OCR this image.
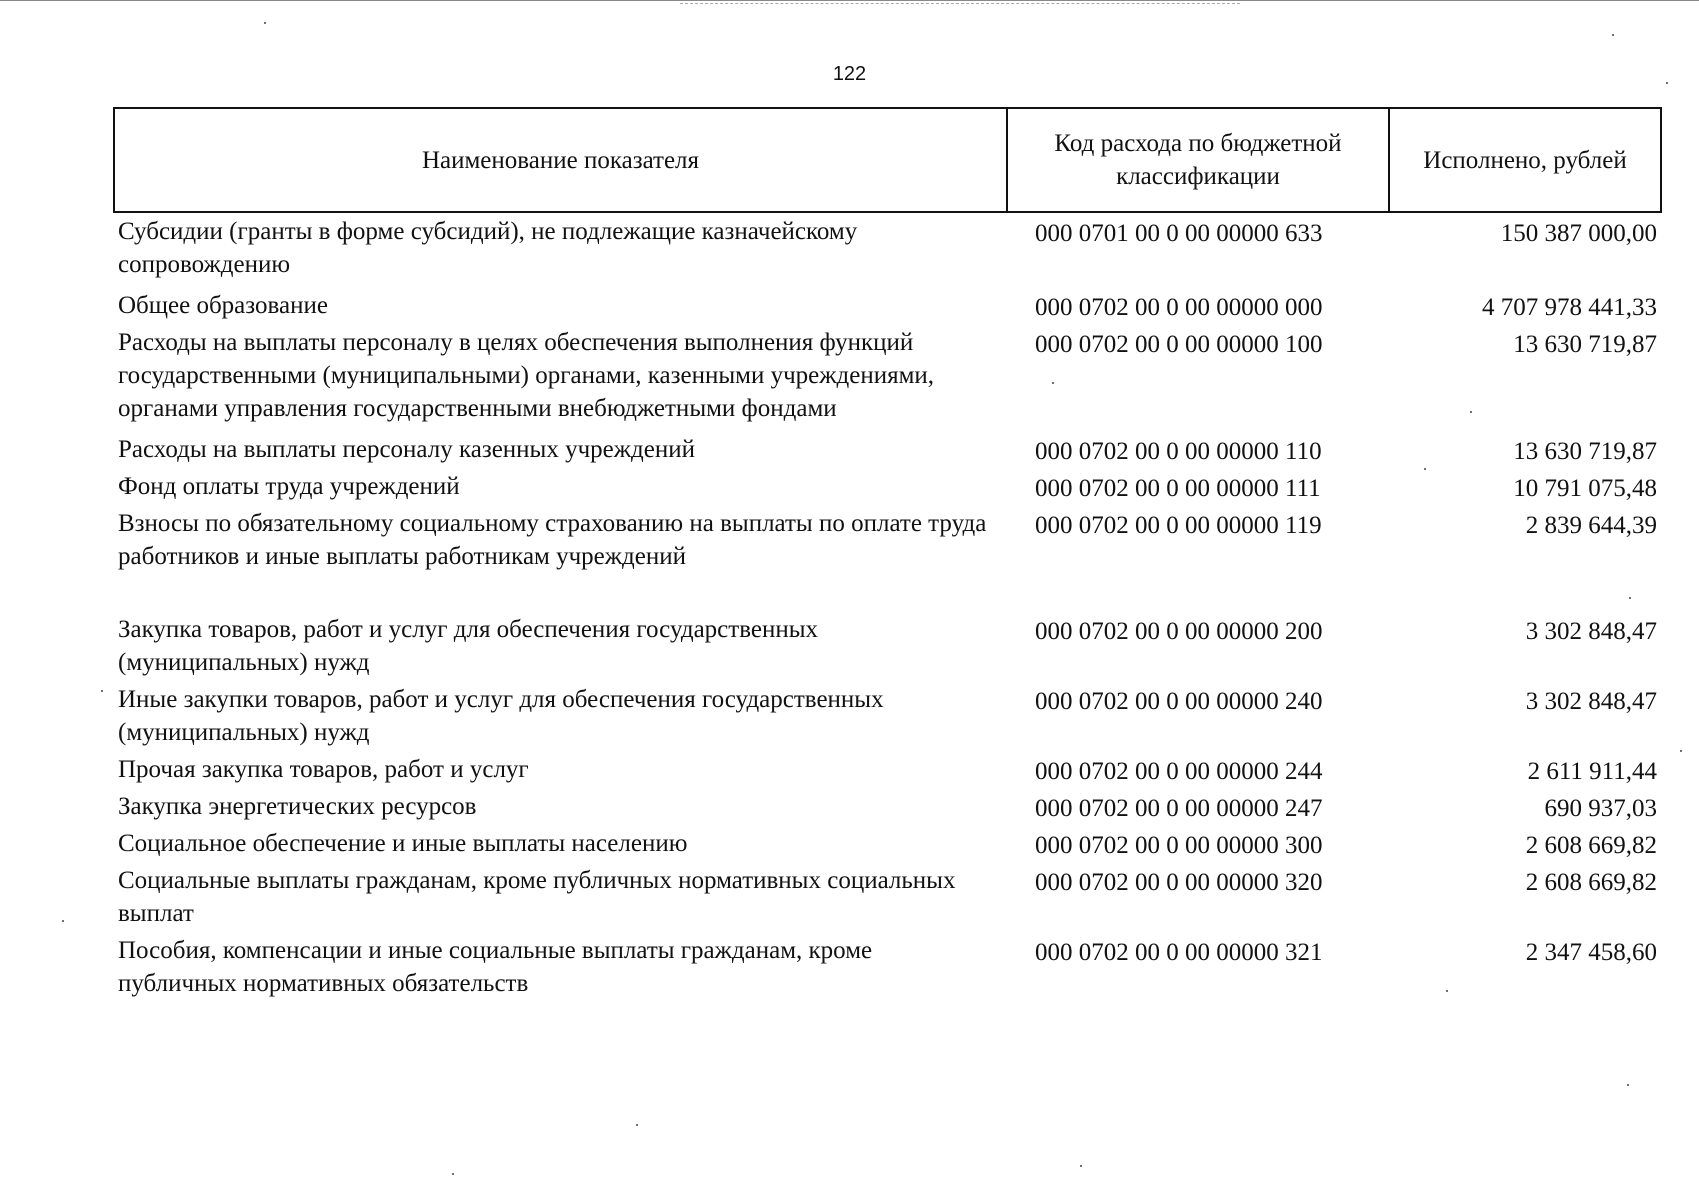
122
Наименование показателя	Код расхода по бюджетной классификации	Исполнено, рублей
Субсидии (гранты в форме субсидий), не подлежащие казначейскому сопровождению	000 0701 00 0 00 00000 633	150 387 000,00
Общее образование	000 0702 00 0 00 00000 000	4 707 978 441,33
Расходы на выплаты персоналу в целях обеспечения выполнения функций государственными (муниципальными) органами, казенными учреждениями, органами управления государственными внебюджетными фондами	000 0702 00 0 00 00000 100	13 630 719,87
Расходы на выплаты персоналу казенных учреждений	000 0702 00 0 00 00000 110	13 630 719,87
Фонд оплаты труда учреждений	000 0702 00 0 00 00000 111	10 791 075,48
Взносы по обязательному социальному страхованию на выплаты по оплате труда работников и иные выплаты работникам учреждений	000 0702 00 0 00 00000 119	2 839 644,39
Закупка товаров, работ и услуг для обеспечения государственных (муниципальных) нужд	000 0702 00 0 00 00000 200	3 302 848,47
Иные закупки товаров, работ и услуг для обеспечения государственных (муниципальных) нужд	000 0702 00 0 00 00000 240	3 302 848,47
Прочая закупка товаров, работ и услуг	000 0702 00 0 00 00000 244	2 611 911,44
Закупка энергетических ресурсов	000 0702 00 0 00 00000 247	690 937,03
Социальное обеспечение и иные выплаты населению	000 0702 00 0 00 00000 300	2 608 669,82
Социальные выплаты гражданам, кроме публичных нормативных социальных выплат	000 0702 00 0 00 00000 320	2 608 669,82
Пособия, компенсации и иные социальные выплаты гражданам, кроме публичных нормативных обязательств	000 0702 00 0 00 00000 321	2 347 458,60
